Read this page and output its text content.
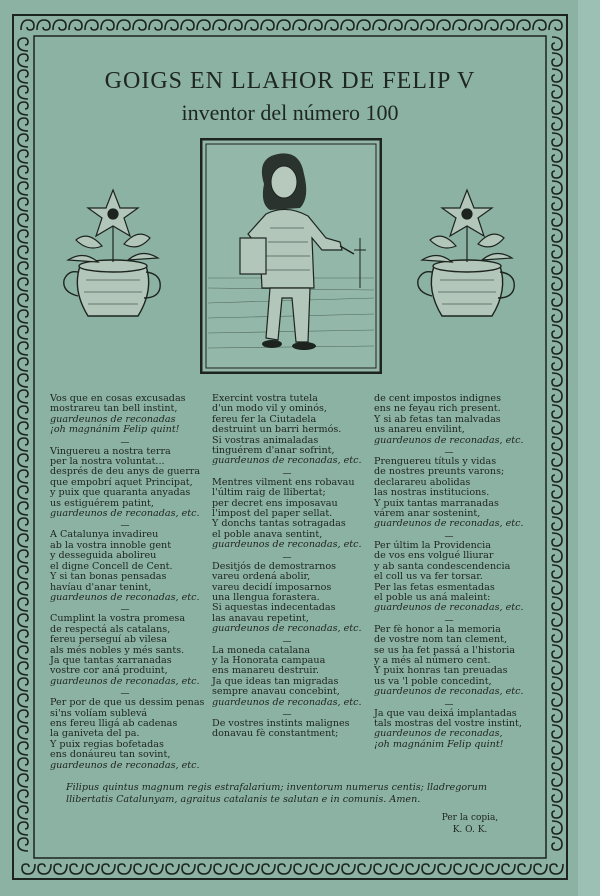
GOIGS EN LLAHOR DE FELIP V
inventor del número 100
Vos que en cosas excusadas
mostrareu tan bell instint,
guardeunos de reconadas
¡oh magnánim Felip quint!
—
Vinguereu a nostra terra
per la nostra voluntat...
després de deu anys de guerra
que empobrí aquet Principat,
y puix que quaranta anyadas
us estiguérem patint,
guardeunos de reconadas, etc.
—
A Catalunya invadireu
ab la vostra innoble gent
y desseguida abolireu
el digne Concell de Cent.
Y si tan bonas pensadas
havíau d'anar tenint,
guardeunos de reconadas, etc.
—
Cumplint la vostra promesa
de respectá als catalans,
fereu perseguí ab vilesa
als més nobles y més sants.
Ja que tantas xarranadas
vostre cor aná produint,
guardeunos de reconadas, etc.
—
Per por de que us dessim penas
si'ns volíam sublevá
ens fereu lligá ab cadenas
la ganiveta del pa.
Y puix regias bofetadas
ens donáureu tan sovint,
guardeunos de reconadas, etc.
Exercint vostra tutela
d'un modo vil y ominós,
fereu fer la Ciutadela
destruint un barri hermós.
Si vostras animaladas
tinguérem d'anar sofrint,
guardeunos de reconadas, etc.
—
Mentres vilment ens robavau
l'últim raig de llibertat;
per decret ens imposavau
l'impost del paper sellat.
Y donchs tantas sotragadas
el poble anava sentint,
guardeunos de reconadas, etc.
—
Desitjós de demostrarnos
vareu ordená abolir,
vareu decidí imposarnos
una llengua forastera.
Si aquestas indecentadas
las anavau repetint,
guardeunos de reconadas, etc.
—
La moneda catalana
y la Honorata campaua
ens manareu destruir.
Ja que ideas tan migradas
sempre anavau concebint,
guardeunos de reconadas, etc.
—
De vostres instints malignes
donavau fè constantment;
de cent impostos indignes
ens ne feyau rich present.
Y si ab fetas tan malvadas
us anareu envilint,
guardeunos de reconadas, etc.
—
Prenguereu títuls y vidas
de nostres preunts varons;
declarareu abolidas
las nostras institucions.
Y puix tantas marranadas
várem anar sostenint,
guardeunos de reconadas, etc.
—
Per últim la Providencia
de vos ens volgué lliurar
y ab santa condescendencia
el coll us va fer torsar.
Per las fetas esmentadas
el poble us aná maleint:
guardeunos de reconadas, etc.
—
Per fè honor a la memoria
de vostre nom tan clement,
se us ha fet passá a l'historia
y a més al número cent.
Y puix honras tan preuadas
us va 'l poble concedint,
guardeunos de reconadas, etc.
—
Ja que vau deixá implantadas
tals mostras del vostre instint,
guardeunos de reconadas,
¡oh magnánim Felip quint!
Filipus quintus magnum regis estrafalarium; inventorum numerus centis; lladregorum llibertatis Catalunyam, agraitus catalanis te salutan e in comunis. Amen.
Per la copia,
K. O. K.
